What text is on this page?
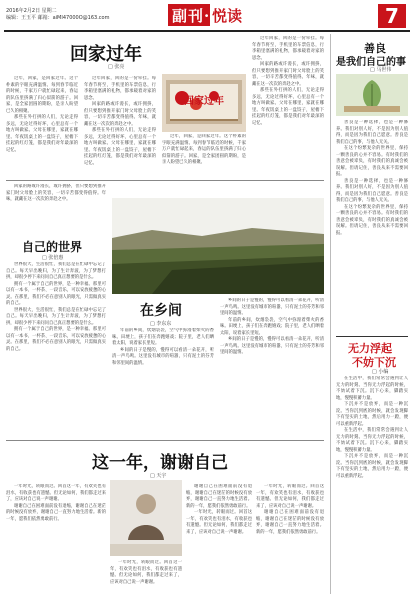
2016年2月2日 星期二
编辑：王玉平 邮箱：aiMI47000O@163.com	副刊· 悦读	7
回家过年
□ 张亮

过年，回家，是回家过年。这个朴素的字眼充满温情。每到春节临近的时候，千家万户就忙碌起来，春运的队伍里挤满了归心似箭的游子。回家，是全家团圆的期盼，是亲人盼望已久的相聚。

那些在外打拼的人们，无论走得多远，无论过得好坏，心里总有一个地方叫做家。父母在哪里，家就在哪里。年夜饭桌上的一盘饺子，屋檐下挂起的红灯笼，都是我们对年最深的记忆。

过年回家，回的是一份牵挂。每年春节将至，手机里的车票信息，行李箱里塞满的礼物，都承载着对家的思念。

回家的路或许漫长，或许拥挤，但只要想到推开家门时父母脸上的笑容，一切辛苦都变得值得。年味，就藏在这一次次的奔赴之中。

那些在外打拼的人们，无论走得多远，无论过得好坏，心里总有一个地方叫做家。父母在哪里，家就在哪里。年夜饭桌上的一盘饺子，屋檐下挂起的红灯笼，都是我们对年最深的记忆。

回家过年

过年，回家，是回家过年。这个朴素的字眼充满温情。每到春节临近的时候，千家万户就忙碌起来，春运的队伍里挤满了归心似箭的游子。回家，是全家团圆的期盼，是亲人盼望已久的相聚。

过年回家，回的是一份牵挂。每年春节将至，手机里的车票信息，行李箱里塞满的礼物，都承载着对家的思念。

回家的路或许漫长，或许拥挤，但只要想到推开家门时父母脸上的笑容，一切辛苦都变得值得。年味，就藏在这一次次的奔赴之中。

那些在外打拼的人们，无论走得多远，无论过得好坏，心里总有一个地方叫做家。父母在哪里，家就在哪里。年夜饭桌上的一盘饺子，屋檐下挂起的红灯笼，都是我们对年最深的记忆。

善良
是我们自己的事
□ 马世伟

善良是一种选择，也是一种修养。我们对别人好，不是因为别人值得，而是因为我们自己愿意。善良是我们自己的事，与他人无关。

在这个纷繁复杂的世界里，保持一颗善良的心并不容易。有时我们的善意会被辜负，有时我们的真诚会被误解。但请记住，善良从来不需要回报。

善良是一种选择，也是一种修养。我们对别人好，不是因为别人值得，而是因为我们自己愿意。善良是我们自己的事，与他人无关。

在这个纷繁复杂的世界里，保持一颗善良的心并不容易。有时我们的善意会被辜负，有时我们的真诚会被误解。但请记住，善良从来不需要回报。

无力浮起
不妨下沉
□ 小编

在生活中，我们常常会遇到让人无力的时刻。当你无力浮起的时候，不妨试着下沉。沉下心来，脚踏实地，慢慢积蓄力量。

下沉并不是放弃，而是一种沉淀。当你沉到底的时候，就会发现脚下有坚实的土地，然后用力一蹬，便可以重新浮起。

在生活中，我们常常会遇到让人无力的时刻。当你无力浮起的时候，不妨试着下沉。沉下心来，脚踏实地，慢慢积蓄力量。

下沉并不是放弃，而是一种沉淀。当你沉到底的时候，就会发现脚下有坚实的土地，然后用力一蹬，便可以重新浮起。

自己的世界
□ 张倍惠

回家的路或许漫长，或许拥挤，但只要想到推开家门时父母脸上的笑容，一切辛苦都变得值得。年味，就藏在这一次次的奔赴之中。

世界很大，生活很忙，我们总是在忙碌中忘记了自己。每天早出晚归，为了生计奔波，为了梦想打拼，却很少停下来问问自己真正想要的是什么。

拥有一个属于自己的世界，是一种幸福。那里可以有一本书、一杯茶、一段音乐，可以安放疲惫的心灵。在那里，我们不必在意别人的眼光，只需做真实的自己。

世界很大，生活很忙，我们总是在忙碌中忘记了自己。每天早出晚归，为了生计奔波，为了梦想打拼，却很少停下来问问自己真正想要的是什么。

拥有一个属于自己的世界，是一种幸福。那里可以有一本书、一杯茶、一段音乐，可以安放疲惫的心灵。在那里，我们不必在意别人的眼光，只需做真实的自己。

在乡间
□ 李东东

年前的乡间，炊烟袅袅，空气中弥漫着柴火的香味。田埂上，孩子们在奔跑嬉戏；院子里，老人们晒着太阳，说着家长里短。

乡间的日子是慢的，慢得可以看清一朵花开，听清一声鸟鸣。这里没有城市的喧嚣，只有泥土的芬芳和邻里间的温情。

乡间的日子是慢的，慢得可以看清一朵花开，听清一声鸟鸣。这里没有城市的喧嚣，只有泥土的芬芳和邻里间的温情。

年前的乡间，炊烟袅袅，空气中弥漫着柴火的香味。田埂上，孩子们在奔跑嬉戏；院子里，老人们晒着太阳，说着家长里短。

乡间的日子是慢的，慢得可以看清一朵花开，听清一声鸟鸣。这里没有城市的喧嚣，只有泥土的芬芳和邻里间的温情。

这一年，谢谢自己
□ 天宇

一年时光，转眼而过。回首这一年，有欢笑也有泪水，有收获也有遗憾。但无论如何，我们都走过来了，应该对自己说一声谢谢。

谢谢自己在困难面前没有退缩，谢谢自己在迷茫的时候没有放弃，谢谢自己一直努力地生活着。新的一年，愿我们依然勇敢前行。

一年时光，转眼而过。回首这一年，有欢笑也有泪水，有收获也有遗憾。但无论如何，我们都走过来了，应该对自己说一声谢谢。

谢谢自己在困难面前没有退缩，谢谢自己在迷茫的时候没有放弃，谢谢自己一直努力地生活着。新的一年，愿我们依然勇敢前行。

一年时光，转眼而过。回首这一年，有欢笑也有泪水，有收获也有遗憾。但无论如何，我们都走过来了，应该对自己说一声谢谢。

一年时光，转眼而过。回首这一年，有欢笑也有泪水，有收获也有遗憾。但无论如何，我们都走过来了，应该对自己说一声谢谢。

谢谢自己在困难面前没有退缩，谢谢自己在迷茫的时候没有放弃，谢谢自己一直努力地生活着。新的一年，愿我们依然勇敢前行。
